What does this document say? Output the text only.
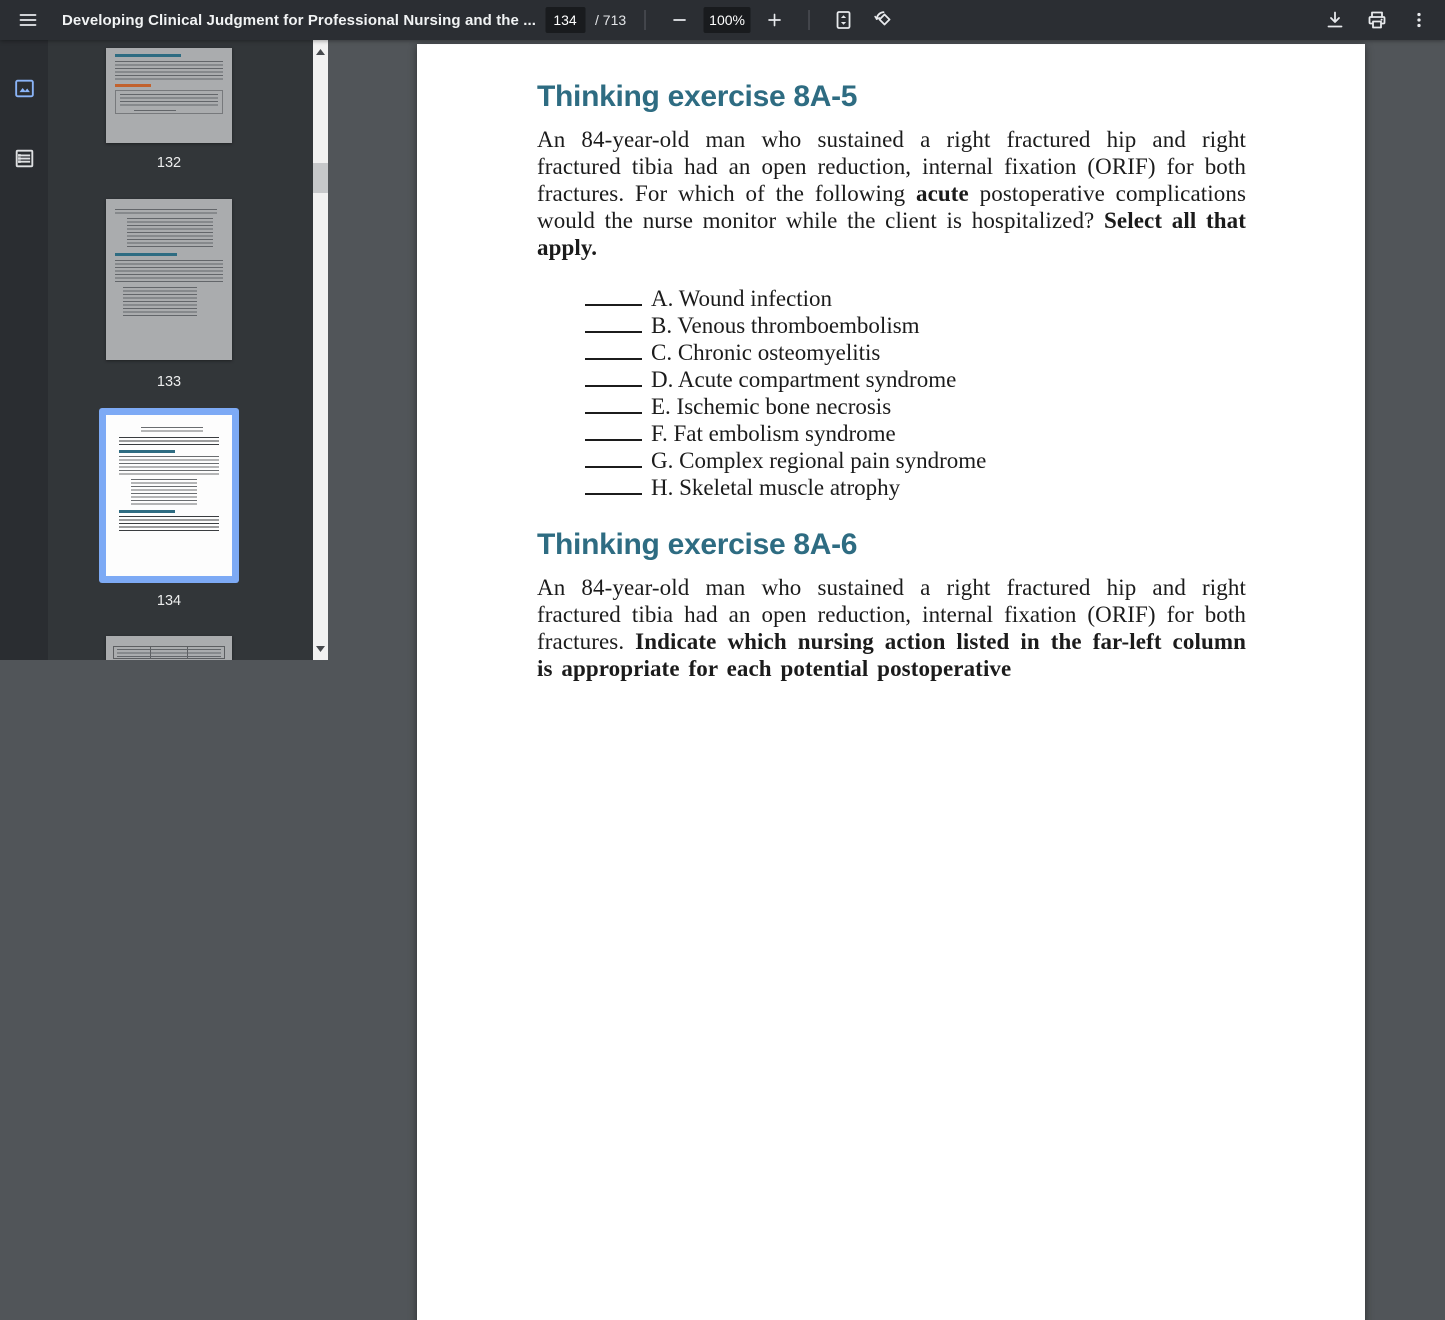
Developing Clinical Judgment for Professional Nursing and the ...
134	/ 713	100%
132
133
134
Thinking exercise 8A-5

An 84-year-old man who sustained a right fractured hip and right fractured tibia had an open reduction, internal fixation (ORIF) for both fractures. For which of the following acute postoperative complications would the nurse monitor while the client is hospitalized? Select all that apply.

A. Wound infection
B. Venous thromboembolism
C. Chronic osteomyelitis
D. Acute compartment syndrome
E. Ischemic bone necrosis
F. Fat embolism syndrome
G. Complex regional pain syndrome
H. Skeletal muscle atrophy
Thinking exercise 8A-6

An 84-year-old man who sustained a right fractured hip and right fractured tibia had an open reduction, internal fixation (ORIF) for both fractures. Indicate which nursing action listed in the far-left column is appropriate for each potential postoperative
